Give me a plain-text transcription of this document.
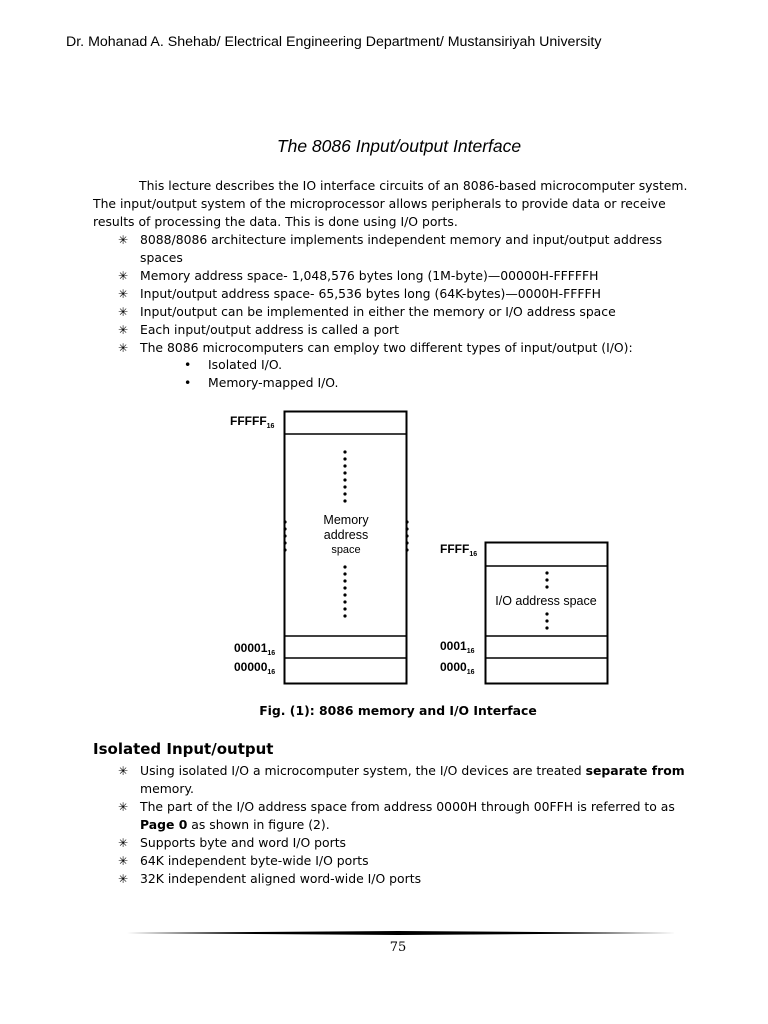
Dr. Mohanad A. Shehab/ Electrical Engineering Department/ Mustansiriyah University
The 8086 Input/output Interface
This lecture describes the IO interface circuits of an 8086-based microcomputer system.
The input/output system of the microprocessor allows peripherals to provide data or receive
results of processing the data. This is done using I/O ports.
✳ 8088/8086 architecture implements independent memory and input/output address spaces
✳ Memory address space- 1,048,576 bytes long (1M-byte)—00000H-FFFFFH
✳ Input/output address space- 65,536 bytes long (64K-bytes)—0000H-FFFFH
✳ Input/output can be implemented in either the memory or I/O address space
✳ Each input/output address is called a port
✳ The 8086 microcomputers can employ two different types of input/output (I/O):
• Isolated I/O.
• Memory-mapped I/O.
Memory
address
space
$FFFFF_{16}$
$00001_{16}$
$00000_{16}$
I/O address space
$FFFF_{16}$
$0001_{16}$
$0000_{16}$
Fig. (1): 8086 memory and I/O Interface
Isolated Input/output
✳ Using isolated I/O a microcomputer system, the I/O devices are treated separate from
memory.
✳ The part of the I/O address space from address 0000H through 00FFH is referred to as
Page 0 as shown in figure (2).
✳ Supports byte and word I/O ports
✳ 64K independent byte-wide I/O ports
✳ 32K independent aligned word-wide I/O ports
75
